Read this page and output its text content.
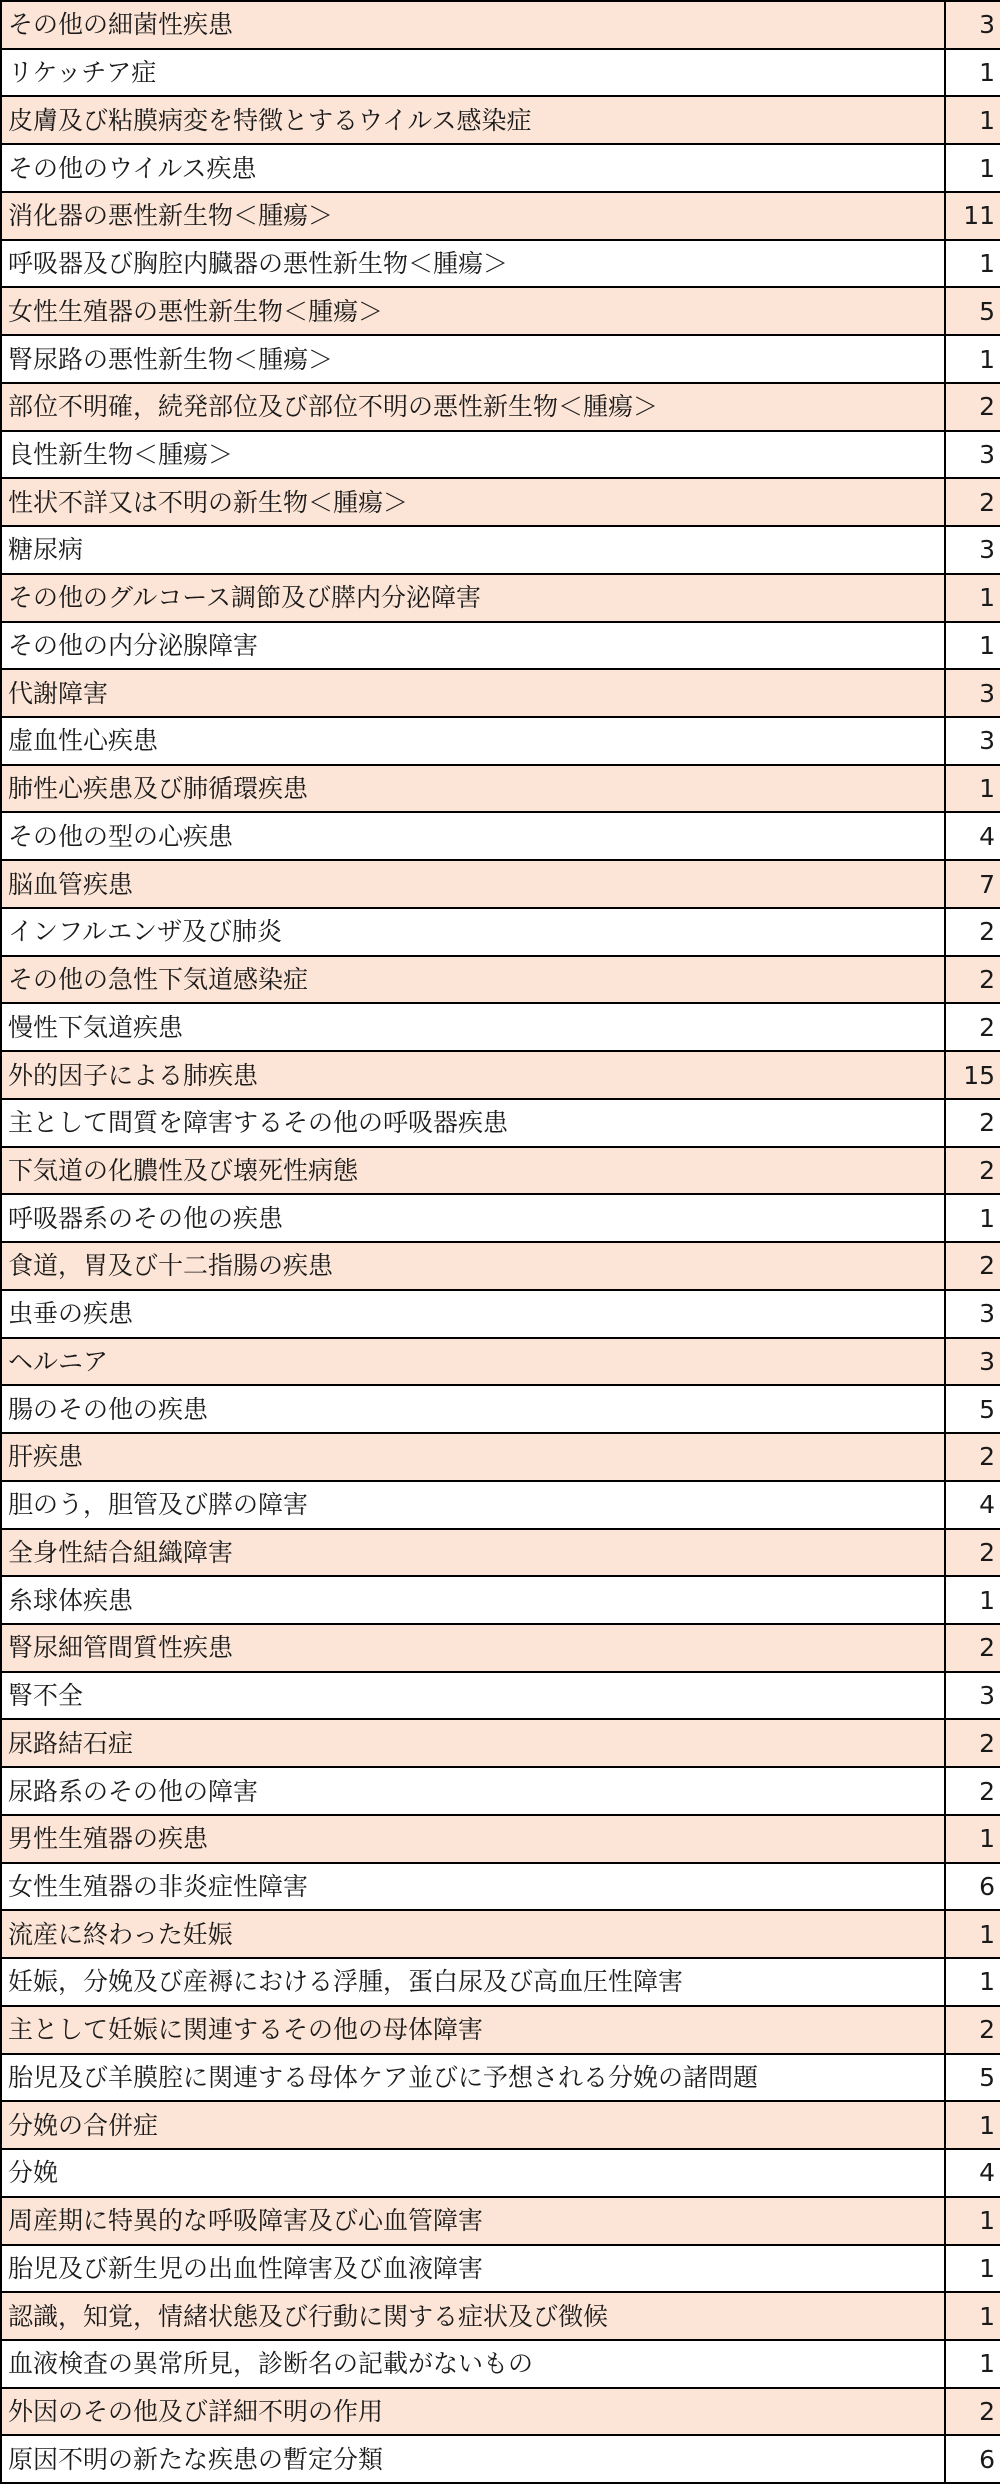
その他の細菌性疾患	3
リケッチア症	1
皮膚及び粘膜病変を特徴とするウイルス感染症	1
その他のウイルス疾患	1
消化器の悪性新生物＜腫瘍＞	11
呼吸器及び胸腔内臓器の悪性新生物＜腫瘍＞	1
女性生殖器の悪性新生物＜腫瘍＞	5
腎尿路の悪性新生物＜腫瘍＞	1
部位不明確，続発部位及び部位不明の悪性新生物＜腫瘍＞	2
良性新生物＜腫瘍＞	3
性状不詳又は不明の新生物＜腫瘍＞	2
糖尿病	3
その他のグルコース調節及び膵内分泌障害	1
その他の内分泌腺障害	1
代謝障害	3
虚血性心疾患	3
肺性心疾患及び肺循環疾患	1
その他の型の心疾患	4
脳血管疾患	7
インフルエンザ及び肺炎	2
その他の急性下気道感染症	2
慢性下気道疾患	2
外的因子による肺疾患	15
主として間質を障害するその他の呼吸器疾患	2
下気道の化膿性及び壊死性病態	2
呼吸器系のその他の疾患	1
食道，胃及び十二指腸の疾患	2
虫垂の疾患	3
ヘルニア	3
腸のその他の疾患	5
肝疾患	2
胆のう，胆管及び膵の障害	4
全身性結合組織障害	2
糸球体疾患	1
腎尿細管間質性疾患	2
腎不全	3
尿路結石症	2
尿路系のその他の障害	2
男性生殖器の疾患	1
女性生殖器の非炎症性障害	6
流産に終わった妊娠	1
妊娠，分娩及び産褥における浮腫，蛋白尿及び高血圧性障害	1
主として妊娠に関連するその他の母体障害	2
胎児及び羊膜腔に関連する母体ケア並びに予想される分娩の諸問題	5
分娩の合併症	1
分娩	4
周産期に特異的な呼吸障害及び心血管障害	1
胎児及び新生児の出血性障害及び血液障害	1
認識，知覚，情緒状態及び行動に関する症状及び徴候	1
血液検査の異常所見，診断名の記載がないもの	1
外因のその他及び詳細不明の作用	2
原因不明の新たな疾患の暫定分類	6
